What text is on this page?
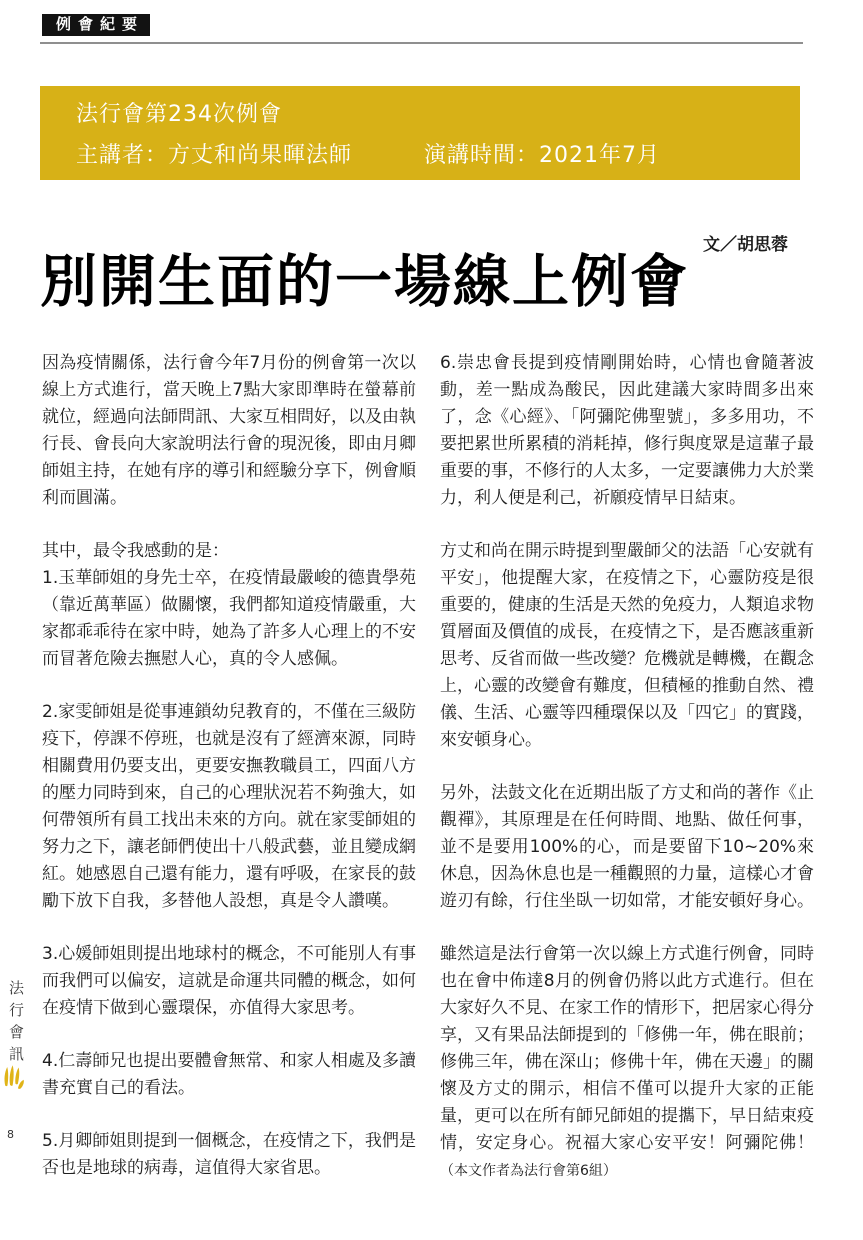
例會紀要
法行會第234次例會
主講者：方丈和尚果暉法師	演講時間：2021年7月
別開生面的一場線上例會
文／胡思蓉

因為疫情關係，法行會今年7月份的例會第一次以線上方式進行，當天晚上7點大家即準時在螢幕前就位，經過向法師問訊、大家互相問好，以及由執行長、會長向大家說明法行會的現況後，即由月卿師姐主持，在她有序的導引和經驗分享下，例會順利而圓滿。

其中，最令我感動的是：

1.玉華師姐的身先士卒，在疫情最嚴峻的德貴學苑（靠近萬華區）做關懷，我們都知道疫情嚴重，大家都乖乖待在家中時，她為了許多人心理上的不安而冒著危險去撫慰人心，真的令人感佩。

2.家雯師姐是從事連鎖幼兒教育的，不僅在三級防疫下，停課不停班，也就是沒有了經濟來源，同時相關費用仍要支出，更要安撫教職員工，四面八方的壓力同時到來，自己的心理狀況若不夠強大，如何帶領所有員工找出未來的方向。就在家雯師姐的努力之下，讓老師們使出十八般武藝，並且變成網紅。她感恩自己還有能力，還有呼吸，在家長的鼓勵下放下自我，多替他人設想，真是令人讚嘆。

3.心媛師姐則提出地球村的概念，不可能別人有事而我們可以偏安，這就是命運共同體的概念，如何在疫情下做到心靈環保，亦值得大家思考。

4.仁壽師兄也提出要體會無常、和家人相處及多讀書充實自己的看法。

5.月卿師姐則提到一個概念，在疫情之下，我們是否也是地球的病毒，這值得大家省思。

6.崇忠會長提到疫情剛開始時，心情也會隨著波動，差一點成為酸民，因此建議大家時間多出來了，念《心經》、「阿彌陀佛聖號」，多多用功，不要把累世所累積的消耗掉，修行與度眾是這輩子最重要的事，不修行的人太多，一定要讓佛力大於業力，利人便是利己，祈願疫情早日結束。

方丈和尚在開示時提到聖嚴師父的法語「心安就有平安」，他提醒大家，在疫情之下，心靈防疫是很重要的，健康的生活是天然的免疫力，人類追求物質層面及價值的成長，在疫情之下，是否應該重新思考、反省而做一些改變？危機就是轉機，在觀念上，心靈的改變會有難度，但積極的推動自然、禮儀、生活、心靈等四種環保以及「四它」的實踐，來安頓身心。

另外，法鼓文化在近期出版了方丈和尚的著作《止觀禪》，其原理是在任何時間、地點、做任何事，並不是要用100%的心，而是要留下10~20%來休息，因為休息也是一種觀照的力量，這樣心才會遊刃有餘，行住坐臥一切如常，才能安頓好身心。

雖然這是法行會第一次以線上方式進行例會，同時也在會中佈達8月的例會仍將以此方式進行。但在大家好久不見、在家工作的情形下，把居家心得分享，又有果品法師提到的「修佛一年，佛在眼前；修佛三年，佛在深山；修佛十年，佛在天邊」的關懷及方丈的開示，相信不僅可以提升大家的正能量，更可以在所有師兄師姐的提攜下，早日結束疫情，安定身心。祝福大家心安平安！阿彌陀佛！（本文作者為法行會第6組）

法行會訊
8
